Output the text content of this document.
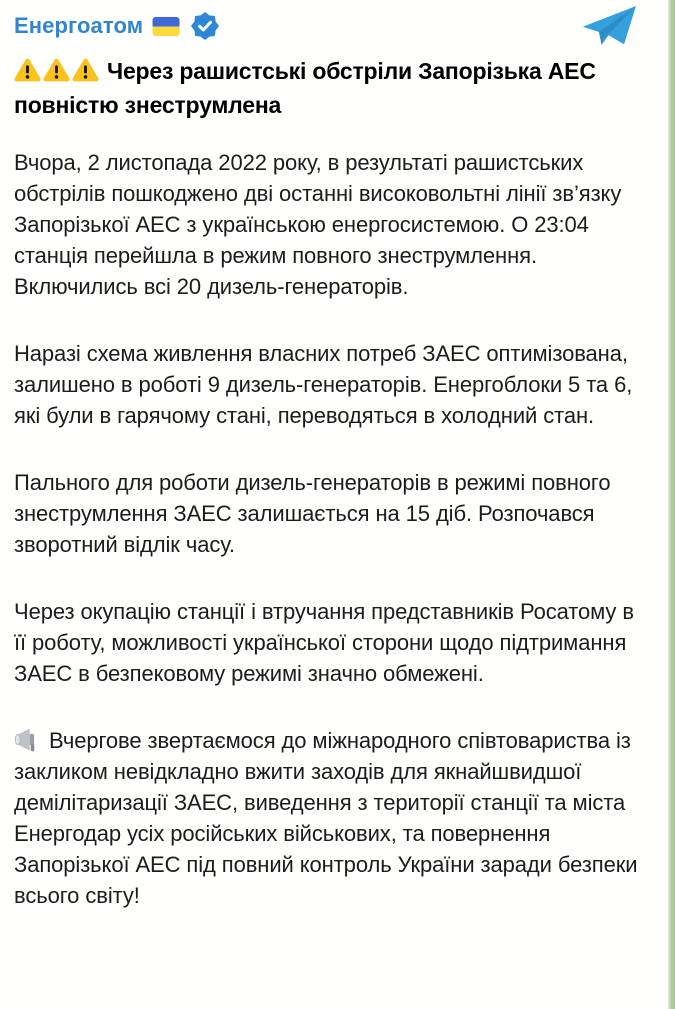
Енергоатом
Через рашистські обстріли Запорізька АЕС повністю знеструмлена

Вчора, 2 листопада 2022 року, в результаті рашистських обстрілів пошкоджено дві останні високовольтні лінії зв’язку Запорізької АЕС з українською енергосистемою. О 23:04 станція перейшла в режим повного знеструмлення. Включились всі 20 дизель-генераторів.

Наразі схема живлення власних потреб ЗАЕС оптимізована, залишено в роботі 9 дизель-генераторів. Енергоблоки 5 та 6, які були в гарячому стані, переводяться в холодний стан.

Пального для роботи дизель-генераторів в режимі повного знеструмлення ЗАЕС залишається на 15 діб. Розпочався зворотний відлік часу.

Через окупацію станції і втручання представників Росатому в її роботу, можливості української сторони щодо підтримання ЗАЕС в безпековому режимі значно обмежені.

Вчергове звертаємося до міжнародного співтовариства із закликом невідкладно вжити заходів для якнайшвидшої демілітаризації ЗАЕС, виведення з території станції та міста Енергодар усіх російських військових, та повернення Запорізької АЕС під повний контроль України заради безпеки всього світу!
